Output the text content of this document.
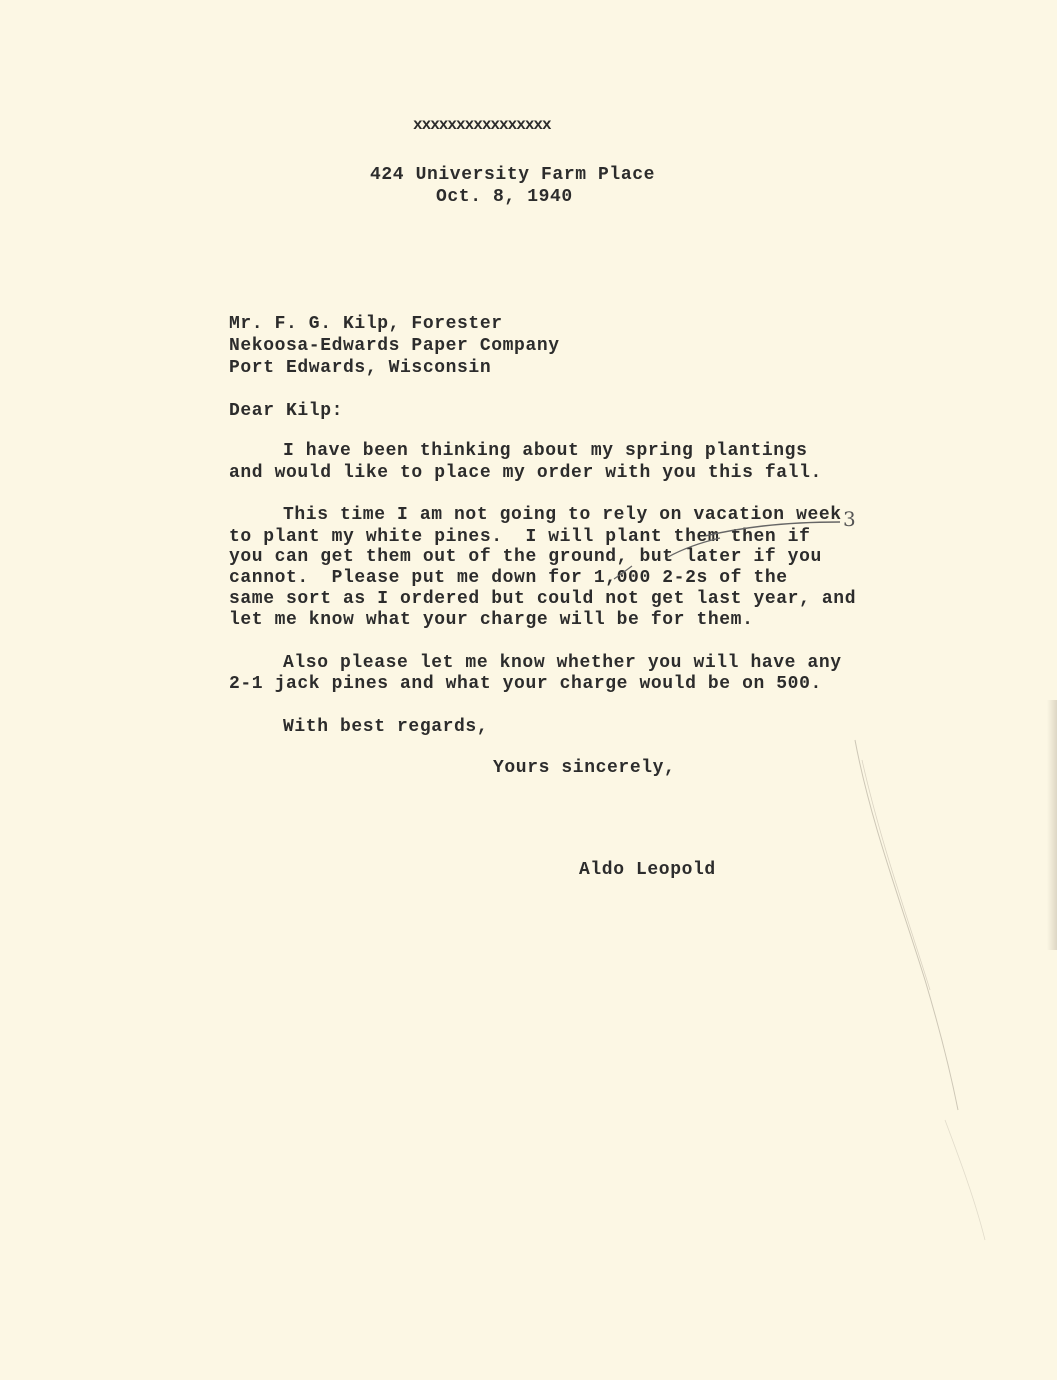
xxxxxxxxxxxxxxxx
424 University Farm Place
Oct. 8, 1940
Mr. F. G. Kilp, Forester
Nekoosa-Edwards Paper Company
Port Edwards, Wisconsin
Dear Kilp:
I have been thinking about my spring plantings
and would like to place my order with you this fall.
This time I am not going to rely on vacation week
to plant my white pines.  I will plant them then if
you can get them out of the ground, but later if you
cannot.  Please put me down for 1,000 2-2s of the
same sort as I ordered but could not get last year, and
let me know what your charge will be for them.
3
Also please let me know whether you will have any
2-1 jack pines and what your charge would be on 500.
With best regards,
Yours sincerely,
Aldo Leopold
